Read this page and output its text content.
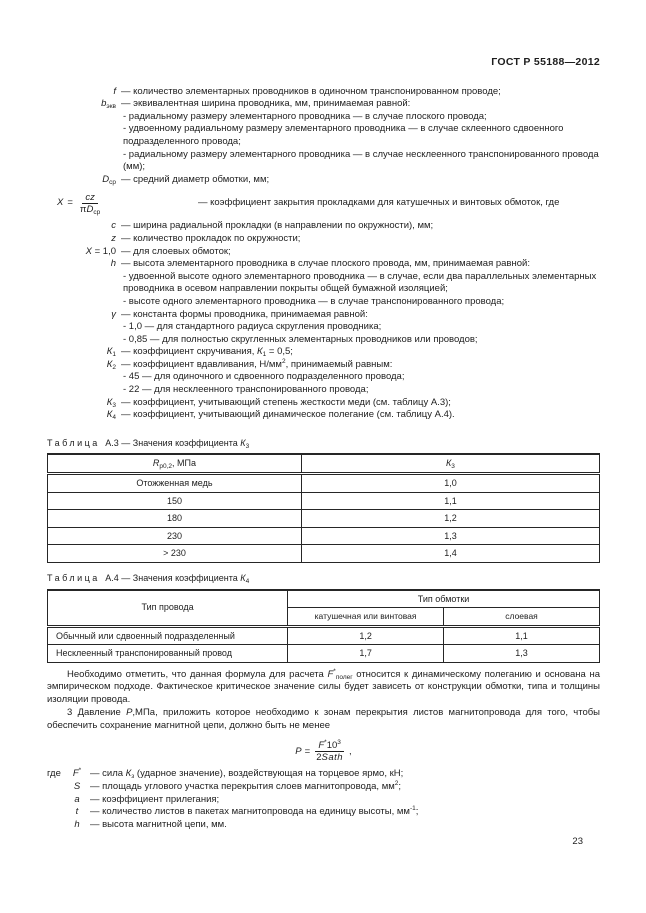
ГОСТ Р 55188—2012
f — количество элементарных проводников в одиночном транспонированном проводе;
$b_{экв}$ — эквивалентная ширина проводника, мм, принимаемая равной:
- радиальному размеру элементарного проводника — в случае плоского провода;
- удвоенному радиальному размеру элементарного проводника — в случае склеенного сдвоенного подразделенного провода;
- радиальному размеру элементарного проводника — в случае несклеенного транспонированного провода (мм);
$D_{ср}$ — средний диаметр обмотки, мм;
$X = \frac{cz}{\pi D_{ср}}$	— коэффициент закрытия прокладками для катушечных и винтовых обмоток, где
c — ширина радиальной прокладки (в направлении по окружности), мм;
z — количество прокладок по окружности;
X = 1,0 — для слоевых обмоток;
h — высота элементарного проводника в случае плоского провода, мм, принимаемая равной:
- удвоенной высоте одного элементарного проводника — в случае, если два параллельных элементарных проводника в осевом направлении покрыты общей бумажной изоляцией;
- высоте одного элементарного проводника — в случае транспонированного провода;
γ — константа формы проводника, принимаемая равной:
- 1,0 — для стандартного радиуса скругления проводника;
- 0,85 — для полностью скругленных элементарных проводников или проводов;
$К_1$ — коэффициент скручивания, $К_1 = 0,5$;
$К_2$ — коэффициент вдавливания, $Н/мм^2$, принимаемый равным:
- 45 — для одиночного и сдвоенного подразделенного провода;
- 22 — для несклеенного транспонированного провода;
$К_3$ — коэффициент, учитывающий степень жесткости меди (см. таблицу А.3);
$К_4$ — коэффициент, учитывающий динамическое полегание (см. таблицу А.4).
Таблица А.3 — Значения коэффициента $К_3$
$R_{р0,2}$, МПа	$К_3$
Отожженная медь	1,0
150	1,1
180	1,2
230	1,3
> 230	1,4
Таблица А.4 — Значения коэффициента $К_4$
Тип провода	Тип обмотки	
	катушечная или винтовая	слоевая
Обычный или сдвоенный подразделенный	1,2	1,1
Несклеенный транспонированный провод	1,7	1,3

Необходимо отметить, что данная формула для расчета $F^*_{полег}$ относится к динамическому полеганию и основана на эмпирическом подходе. Фактическое критическое значение силы будет зависеть от конструкции обмотки, типа и толщины изоляции провода.

3 Давление P,МПа, приложить которое необходимо к зонам перекрытия листов магнитопровода для того, чтобы обеспечить сохранение магнитной цепи, должно быть не менее

$P = \frac{F^*10^3}{\text{2Sath}}$ ,
где	F* — сила $К_з$ (ударное значение), воздействующая на торцевое ярмо, кН;
S	— площадь углового участка перекрытия слоев магнитопровода, $мм^2$;
a	— коэффициент прилегания;
t	— количество листов в пакетах магнитопровода на единицу высоты, $мм^{-1}$;
h	— высота магнитной цепи, мм.
23
